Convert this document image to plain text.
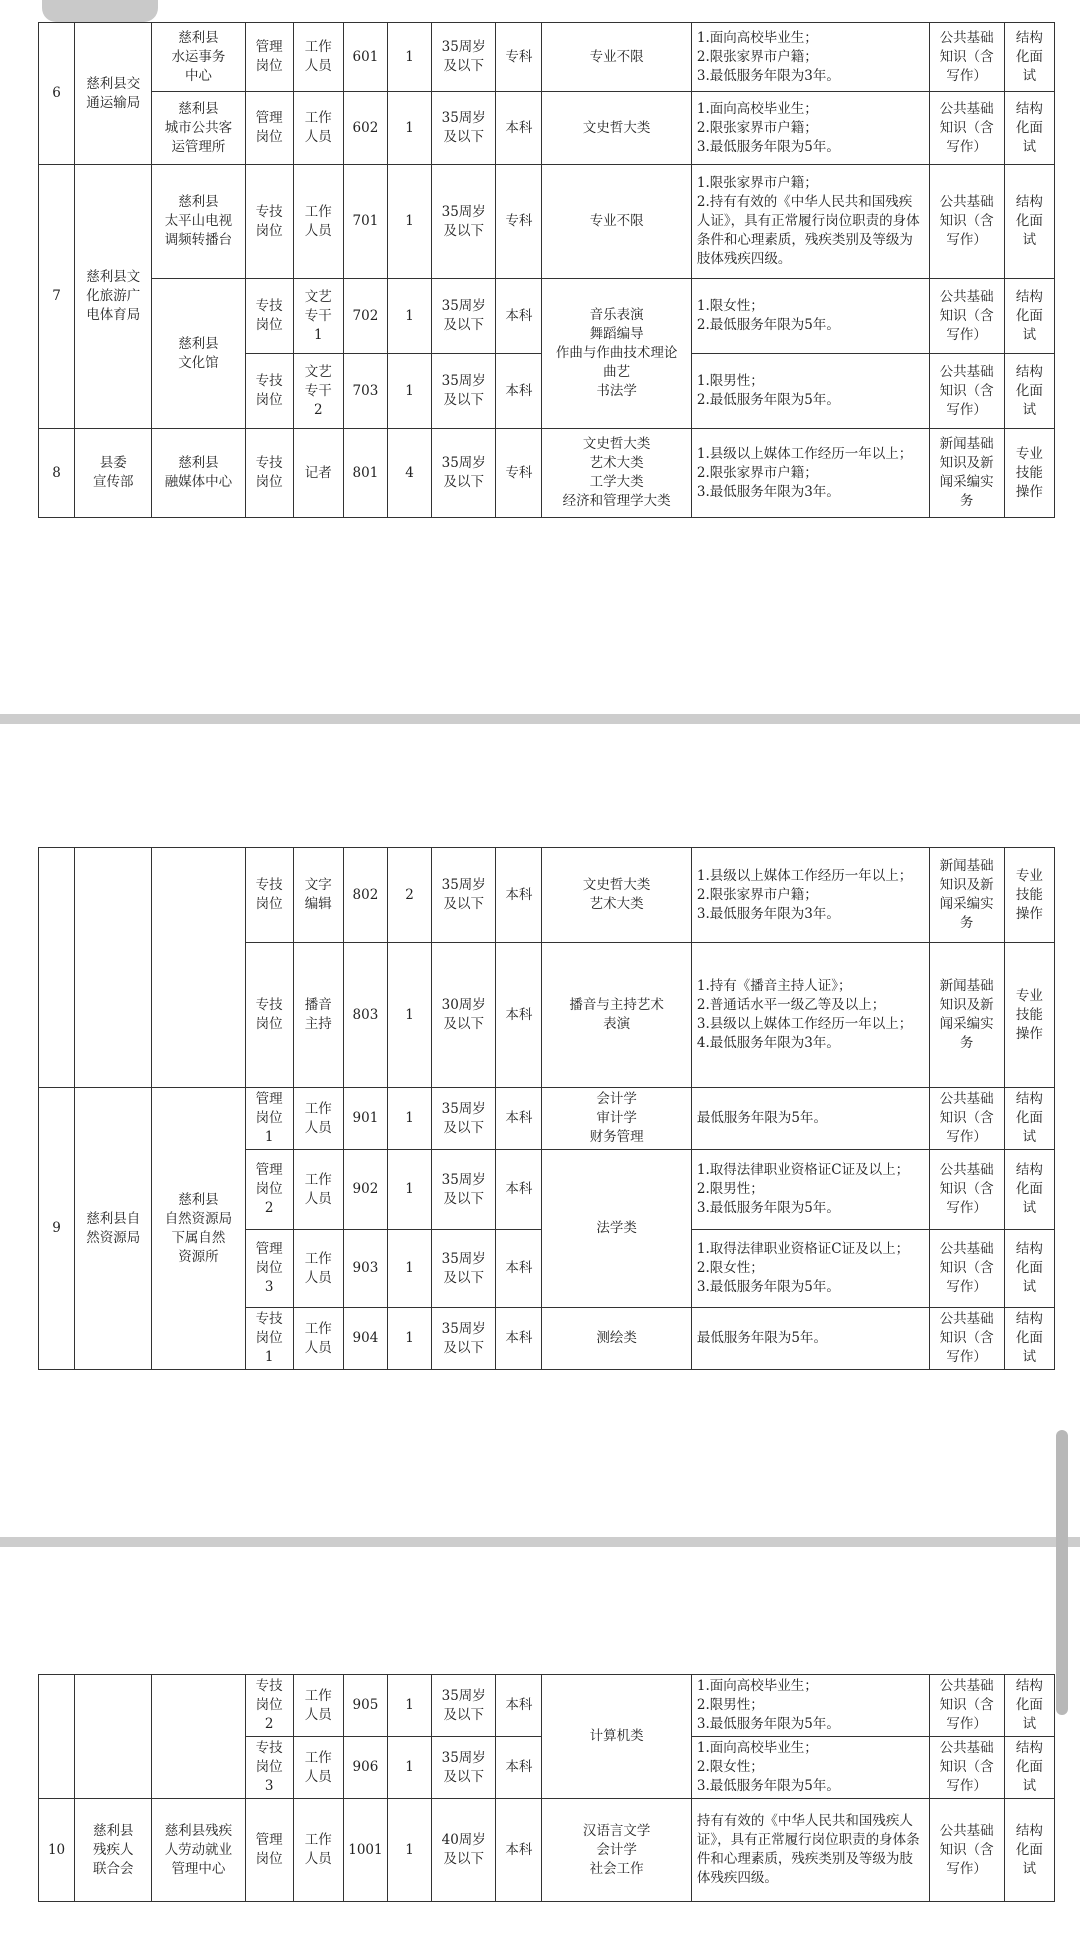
6	慈利县交
通运输局	慈利县
水运事务
中心	管理
岗位	工作
人员	601	1	35周岁
及以下	专科	专业不限	1.面向高校毕业生；
2.限张家界市户籍；
3.最低服务年限为3年。	公共基础
知识（含
写作）	结构
化面
试
		慈利县
城市公共客
运管理所	管理
岗位	工作
人员	602	1	35周岁
及以下	本科	文史哲大类	1.面向高校毕业生；
2.限张家界市户籍；
3.最低服务年限为5年。	公共基础
知识（含
写作）	结构
化面
试
7	慈利县文
化旅游广
电体育局	慈利县
太平山电视
调频转播台	专技
岗位	工作
人员	701	1	35周岁
及以下	专科	专业不限	1.限张家界市户籍；
2.持有有效的《中华人民共和国残疾人证》，具有正常履行岗位职责的身体条件和心理素质，残疾类别及等级为肢体残疾四级。	公共基础
知识（含
写作）	结构
化面
试
		慈利县
文化馆	专技
岗位	文艺
专干
1	702	1	35周岁
及以下	本科	音乐表演
舞蹈编导
作曲与作曲技术理论
曲艺
书法学	1.限女性；
2.最低服务年限为5年。	公共基础
知识（含
写作）	结构
化面
试
			专技
岗位	文艺
专干
2	703	1	35周岁
及以下	本科		1.限男性；
2.最低服务年限为5年。	公共基础
知识（含
写作）	结构
化面
试
8	县委
宣传部	慈利县
融媒体中心	专技
岗位	记者	801	4	35周岁
及以下	专科	文史哲大类
艺术大类
工学大类
经济和管理学大类	1.县级以上媒体工作经历一年以上；
2.限张家界市户籍；
3.最低服务年限为3年。	新闻基础
知识及新
闻采编实
务	专业
技能
操作
			专技
岗位	文字
编辑	802	2	35周岁
及以下	本科	文史哲大类
艺术大类	1.县级以上媒体工作经历一年以上；
2.限张家界市户籍；
3.最低服务年限为3年。	新闻基础
知识及新
闻采编实
务	专业
技能
操作
			专技
岗位	播音
主持	803	1	30周岁
及以下	本科	播音与主持艺术
表演	1.持有《播音主持人证》；
2.普通话水平一级乙等及以上；
3.县级以上媒体工作经历一年以上；
4.最低服务年限为3年。	新闻基础
知识及新
闻采编实
务	专业
技能
操作
9	慈利县自
然资源局	慈利县
自然资源局
下属自然
资源所	管理
岗位
1	工作
人员	901	1	35周岁
及以下	本科	会计学
审计学
财务管理	最低服务年限为5年。	公共基础
知识（含
写作）	结构
化面
试
			管理
岗位
2	工作
人员	902	1	35周岁
及以下	本科	法学类	1.取得法律职业资格证C证及以上；
2.限男性；
3.最低服务年限为5年。	公共基础
知识（含
写作）	结构
化面
试
			管理
岗位
3	工作
人员	903	1	35周岁
及以下	本科		1.取得法律职业资格证C证及以上；
2.限女性；
3.最低服务年限为5年。	公共基础
知识（含
写作）	结构
化面
试
			专技
岗位
1	工作
人员	904	1	35周岁
及以下	本科	测绘类	最低服务年限为5年。	公共基础
知识（含
写作）	结构
化面
试
			专技
岗位
2	工作
人员	905	1	35周岁
及以下	本科	计算机类	1.面向高校毕业生；
2.限男性；
3.最低服务年限为5年。	公共基础
知识（含
写作）	结构
化面
试
			专技
岗位
3	工作
人员	906	1	35周岁
及以下	本科		1.面向高校毕业生；
2.限女性；
3.最低服务年限为5年。	公共基础
知识（含
写作）	结构
化面
试
10	慈利县
残疾人
联合会	慈利县残疾
人劳动就业
管理中心	管理
岗位	工作
人员	1001	1	40周岁
及以下	本科	汉语言文学
会计学
社会工作	持有有效的《中华人民共和国残疾人证》，具有正常履行岗位职责的身体条件和心理素质，残疾类别及等级为肢体残疾四级。	公共基础
知识（含
写作）	结构
化面
试
